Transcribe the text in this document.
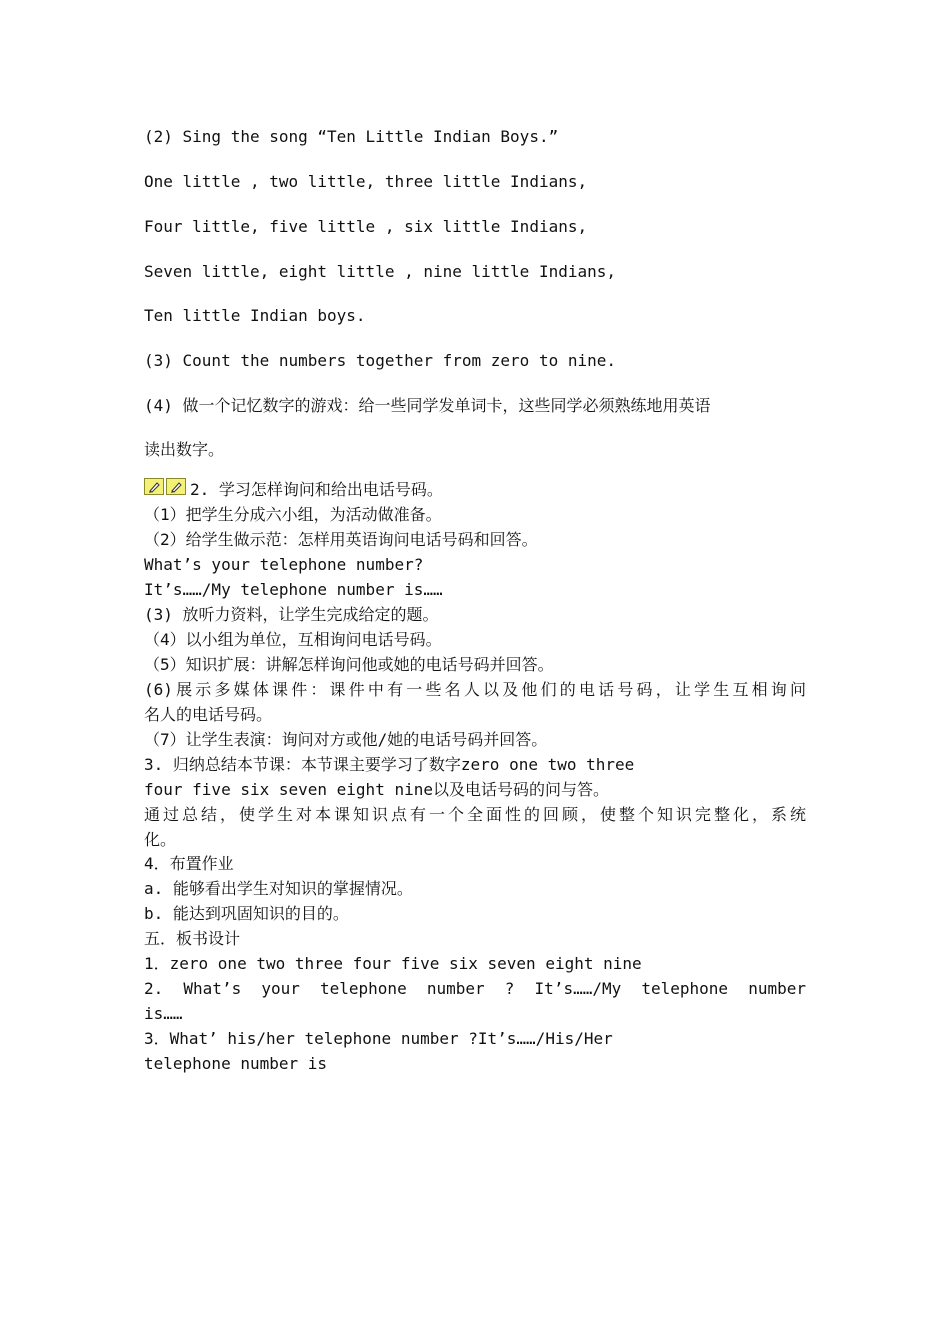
(2) Sing the song “Ten Little Indian Boys.”
One little , two little, three little Indians,
Four little, five little , six little Indians,
Seven little, eight little , nine little Indians,
Ten little Indian boys.
(3) Count the numbers together from zero to nine.
(4) 做一个记忆数字的游戏：给一些同学发单词卡，这些同学必须熟练地用英语
读出数字。
2. 学习怎样询问和给出电话号码。
（1）把学生分成六小组，为活动做准备。
（2）给学生做示范：怎样用英语询问电话号码和回答。
What’s your telephone number?
It’s……/My telephone number is……
(3) 放听力资料，让学生完成给定的题。
（4）以小组为单位，互相询问电话号码。
（5）知识扩展：讲解怎样询问他或她的电话号码并回答。
(6)展示多媒体课件：课件中有一些名人以及他们的电话号码，让学生互相询问
名人的电话号码。
（7）让学生表演：询问对方或他/她的电话号码并回答。
3. 归纳总结本节课：本节课主要学习了数字zero one two three
four five six seven eight nine以及电话号码的问与答。
通过总结，使学生对本课知识点有一个全面性的回顾，使整个知识完整化，系统
化。
4．布置作业
a. 能够看出学生对知识的掌握情况。
b. 能达到巩固知识的目的。
五．板书设计
1．zero one two three four five six seven eight nine
2. What’s your telephone number ? It’s……/My telephone number
is……
3．What’ his/her telephone number ?It’s……/His/Her
telephone number is
